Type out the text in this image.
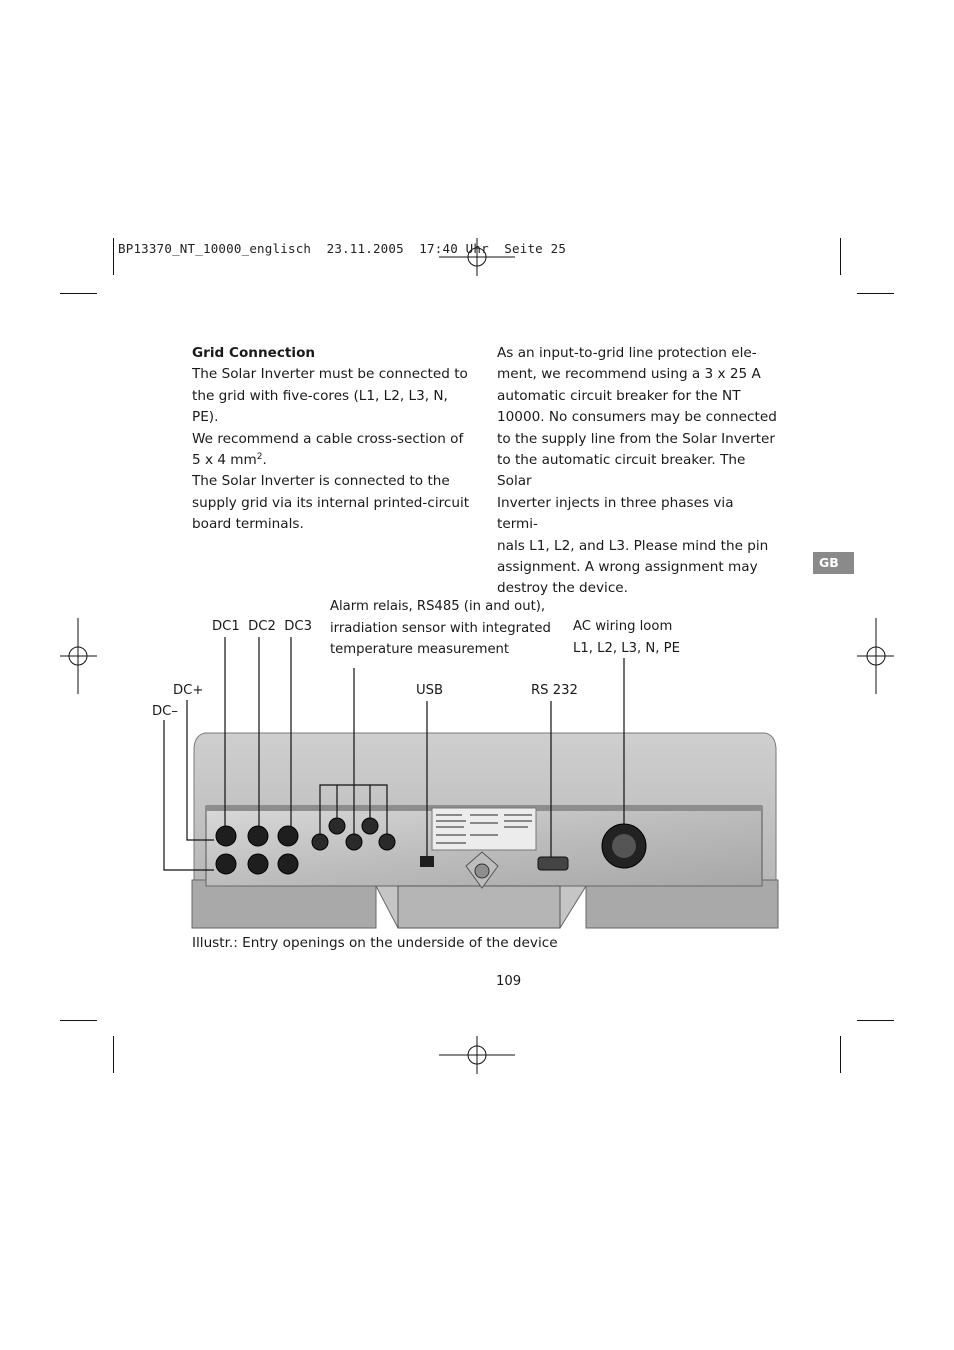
BP13370_NT_10000_englisch  23.11.2005  17:40 Uhr  Seite 25

Grid Connection

The Solar Inverter must be connected to

the grid with five-cores (L1, L2, L3, N, PE).

We recommend a cable cross-section of

5 x 4 $mm^2$.

The Solar Inverter is connected to the

supply grid via its internal printed-circuit

board terminals.

As an input-to-grid line protection ele-

ment, we recommend using a 3 x 25 A

automatic circuit breaker for the NT

10000. No consumers may be connected

to the supply line from the Solar Inverter

to the automatic circuit breaker. The Solar

Inverter injects in three phases via termi-

nals L1, L2, and L3. Please mind the pin

assignment. A wrong assignment may

destroy the device.

GB
DC1  DC2  DC3
Alarm relais, RS485 (in and out),
irradiation sensor with integrated
temperature measurement
AC wiring loom
L1, L2, L3, N, PE
DC+
DC–
USB	RS 232
Illustr.: Entry openings on the underside of the device
109
